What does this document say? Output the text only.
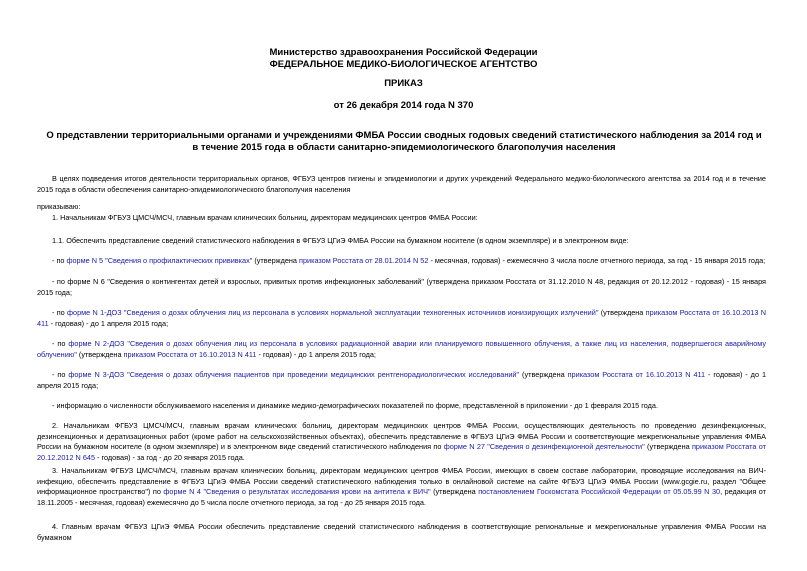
Министерство здравоохранения Российской Федерации
ФЕДЕРАЛЬНОЕ МЕДИКО-БИОЛОГИЧЕСКОЕ АГЕНТСТВО
ПРИКАЗ
от 26 декабря 2014 года N 370
О представлении территориальными органами и учреждениями ФМБА России сводных годовых сведений статистического наблюдения за 2014 год и в течение 2015 года в области санитарно-эпидемиологического благополучия населения
В целях подведения итогов деятельности территориальных органов, ФГБУЗ центров гигиены и эпидемиологии и других учреждений Федерального медико-биологического агентства за 2014 год и в течение 2015 года в области обеспечения санитарно-эпидемиологического благополучия населения
приказываю:
1. Начальникам ФГБУЗ ЦМСЧ/МСЧ, главным врачам клинических больниц, директорам медицинских центров ФМБА России:
1.1. Обеспечить представление сведений статистического наблюдения в ФГБУЗ ЦГиЭ ФМБА России на бумажном носителе (в одном экземпляре) и в электронном виде:
- по форме N 5 "Сведения о профилактических прививках" (утверждена приказом Росстата от 28.01.2014 N 52 - месячная, годовая) - ежемесячно 3 числа после отчетного периода, за год - 15 января 2015 года;
- по форме N 6 "Сведения о контингентах детей и взрослых, привитых против инфекционных заболеваний" (утверждена приказом Росстата от 31.12.2010 N 48, редакция от 20.12.2012 - годовая) - 15 января 2015 года;
- по форме N 1-ДОЗ "Сведения о дозах облучения лиц из персонала в условиях нормальной эксплуатации техногенных источников ионизирующих излучений" (утверждена приказом Росстата от 16.10.2013 N 411 - годовая) - до 1 апреля 2015 года;
- по форме N 2-ДОЗ "Сведения о дозах облучения лиц из персонала в условиях радиационной аварии или планируемого повышенного облучения, а также лиц из населения, подвергшегося аварийному облучению" (утверждена приказом Росстата от 16.10.2013 N 411 - годовая) - до 1 апреля 2015 года;
- по форме N 3-ДОЗ "Сведения о дозах облучения пациентов при проведении медицинских рентгенорадиологических исследований" (утверждена приказом Росстата от 16.10.2013 N 411 - годовая) - до 1 апреля 2015 года;
- информацию о численности обслуживаемого населения и динамике медико-демографических показателей по форме, представленной в приложении - до 1 февраля 2015 года.
2. Начальникам ФГБУЗ ЦМСЧ/МСЧ, главным врачам клинических больниц, директорам медицинских центров ФМБА России, осуществляющих деятельность по проведению дезинфекционных, дезинсекционных и дератизационных работ (кроме работ на сельскохозяйственных объектах), обеспечить представление в ФГБУЗ ЦГиЭ ФМБА России и соответствующие межрегиональные управления ФМБА России на бумажном носителе (в одном экземпляре) и в электронном виде сведений статистического наблюдения по форме N 27 "Сведения о дезинфекционной деятельности" (утверждена приказом Росстата от 20.12.2012 N 645 - годовая) - за год - до 20 января 2015 года.
3. Начальникам ФГБУЗ ЦМСЧ/МСЧ, главным врачам клинических больниц, директорам медицинских центров ФМБА России, имеющих в своем составе лаборатории, проводящие исследования на ВИЧ-инфекцию, обеспечить представление в ФГБУЗ ЦГиЭ ФМБА России сведений статистического наблюдения только в онлайновой системе на сайте ФГБУЗ ЦГиЭ ФМБА России (www.gcgie.ru, раздел "Общее информационное пространство") по форме N 4 "Сведения о результатах исследования крови на антитела к ВИЧ" (утверждена постановлением Госкомстата Российской Федерации от 05.05.99 N 30, редакция от 18.11.2005 - месячная, годовая) ежемесячно до 5 числа после отчетного периода, за год - до 25 января 2015 года.
4. Главным врачам ФГБУЗ ЦГиЭ ФМБА России обеспечить представление сведений статистического наблюдения в соответствующие региональные и межрегиональные управления ФМБА России на бумажном
